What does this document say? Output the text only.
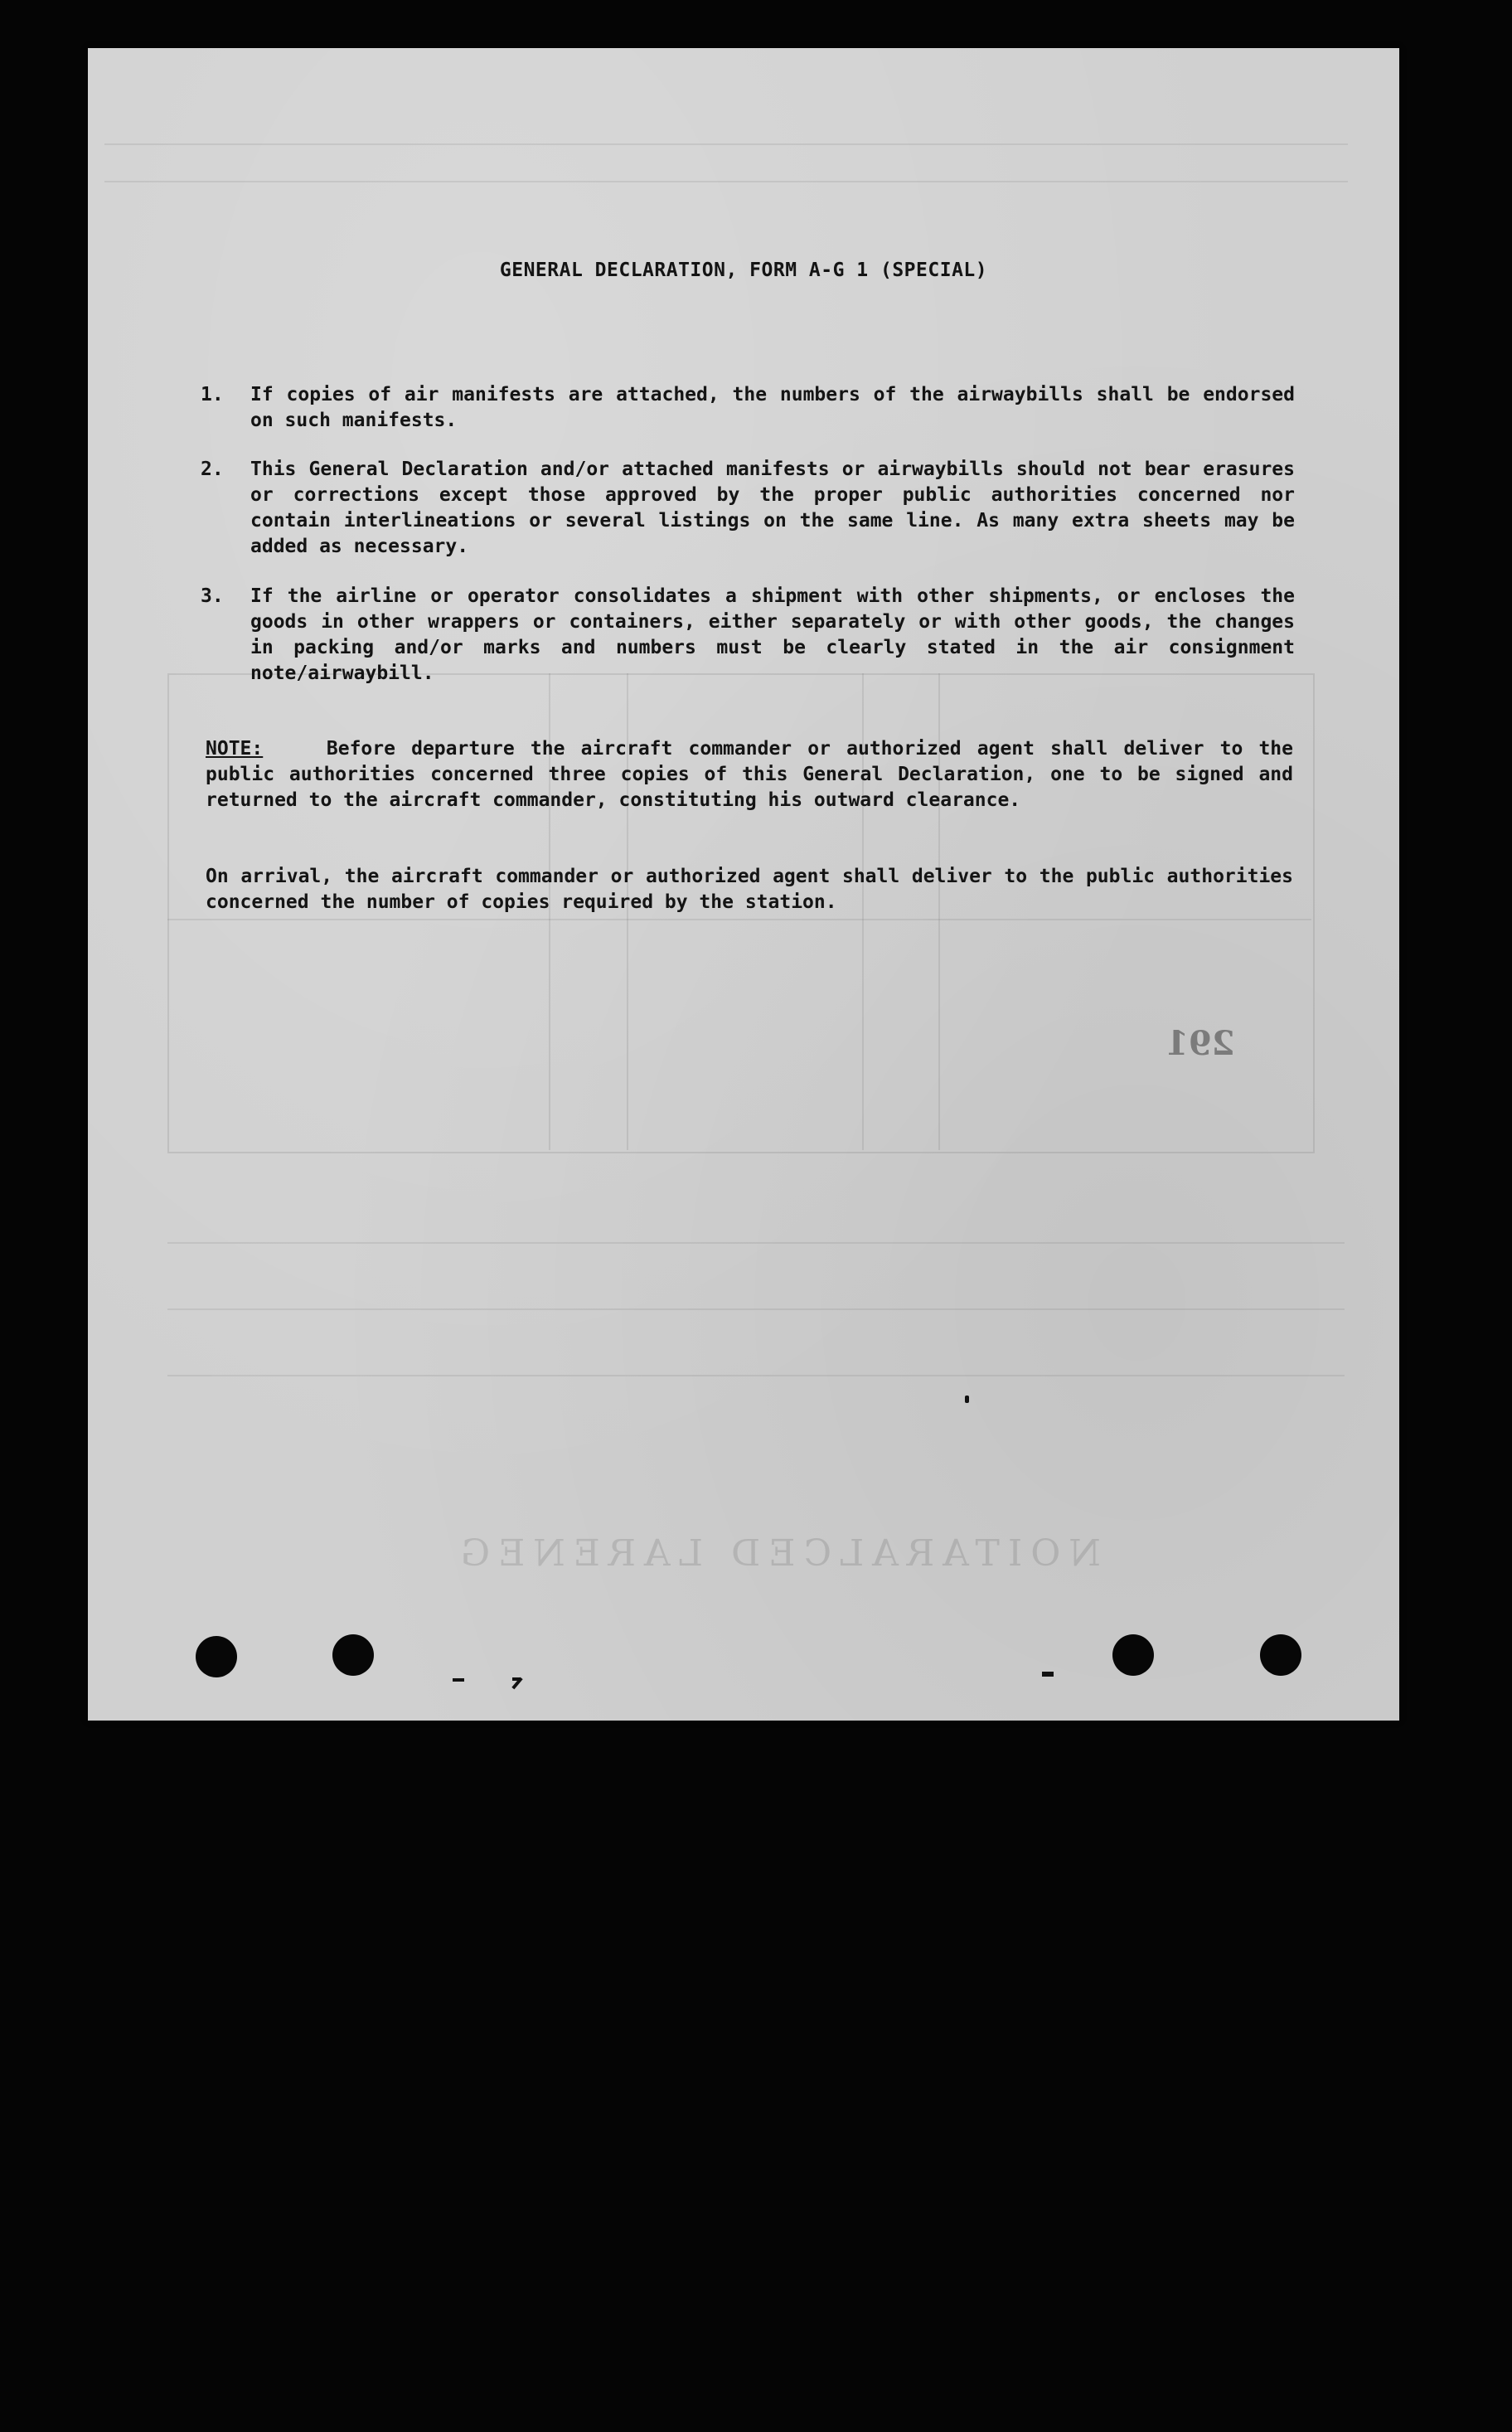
NOITARALCED LARENEG
GENERAL DECLARATION, FORM A-G 1 (SPECIAL)
1.	If copies of air manifests are attached, the numbers of the airwaybills shall be endorsed on such manifests.
2.	This General Declaration and/or attached manifests or airwaybills should not bear erasures or corrections except those approved by the proper public authorities concerned nor contain interlineations or several listings on the same line. As many extra sheets may be added as necessary.
3.	If the airline or operator consolidates a shipment with other shipments, or encloses the goods in other wrappers or containers, either separately or with other goods, the changes in packing and/or marks and numbers must be clearly stated in the air consignment note/airwaybill.
NOTE:	Before departure the aircraft commander or authorized agent shall deliver to the public authorities concerned three copies of this General Declaration, one to be signed and returned to the aircraft commander, constituting his outward clearance.
On arrival, the aircraft commander or authorized agent shall deliver to the public authorities concerned the number of copies required by the station.
291
